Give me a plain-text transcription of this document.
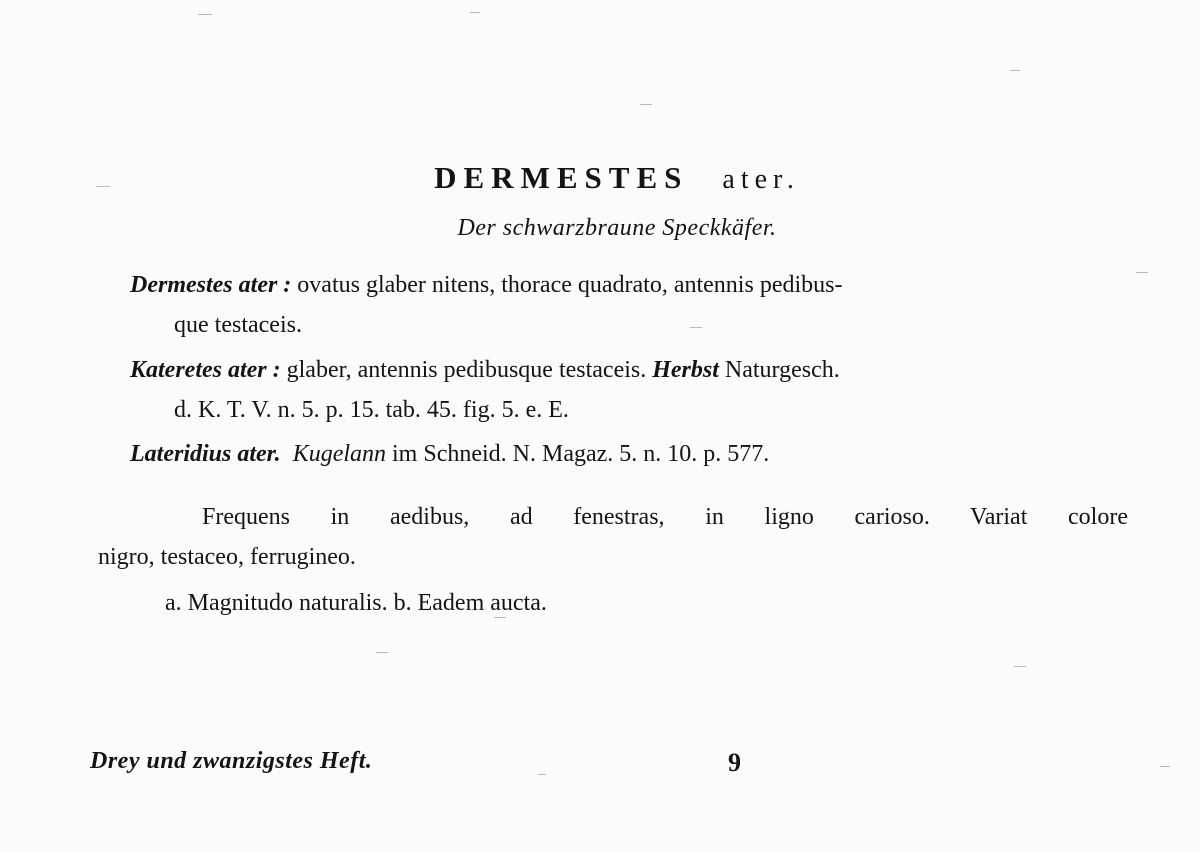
DERMESTES ater.
Der schwarzbraune Speckkäfer.
Dermestes ater : ovatus glaber nitens, thorace quadrato, antennis pedibus-
que testaceis.
Kateretes ater : glaber, antennis pedibusque testaceis. Herbst Naturgesch.
d. K. T. V. n. 5. p. 15. tab. 45. fig. 5. e. E.
Lateridius ater. Kugelann im Schneid. N. Magaz. 5. n. 10. p. 577.
Frequens in aedibus, ad fenestras, in ligno carioso. Variat colore
nigro, testaceo, ferrugineo.
a. Magnitudo naturalis. b. Eadem aucta.
Drey und zwanzigstes Heft.	9
